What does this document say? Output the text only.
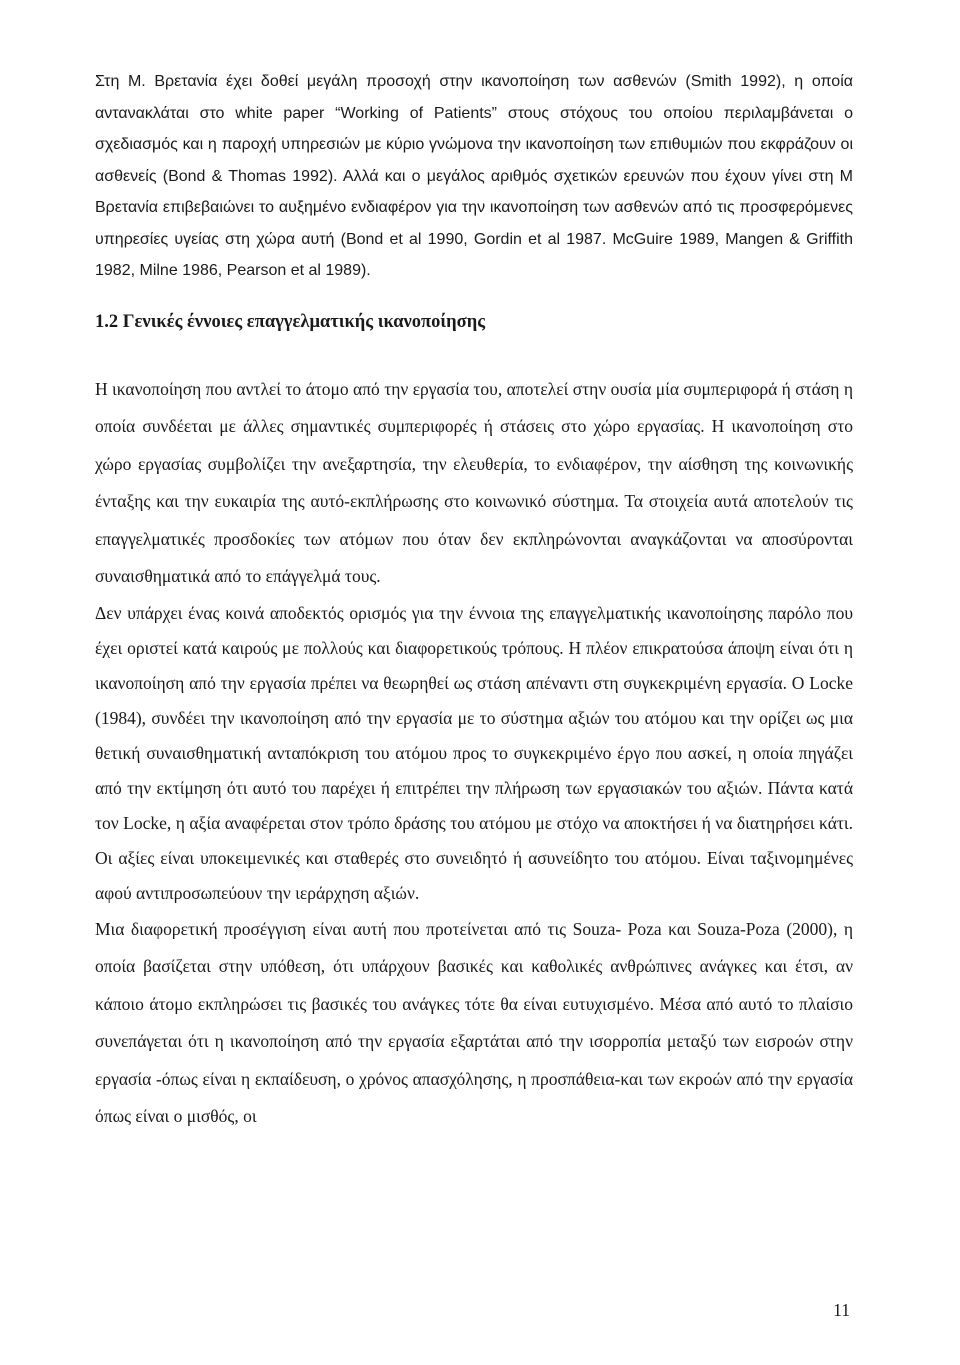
Στη Μ. Βρετανία έχει δοθεί μεγάλη προσοχή στην ικανοποίηση των ασθενών (Smith 1992), η οποία αντανακλάται στο white paper “Working of Patients” στους στόχους του οποίου περιλαμβάνεται ο σχεδιασμός και η παροχή υπηρεσιών με κύριο γνώμονα την ικανοποίηση των επιθυμιών που εκφράζουν οι ασθενείς (Bond & Thomas 1992). Αλλά και ο μεγάλος αριθμός σχετικών ερευνών που έχουν γίνει στη Μ Βρετανία επιβεβαιώνει το αυξημένο ενδιαφέρον για την ικανοποίηση των ασθενών από τις προσφερόμενες υπηρεσίες υγείας στη χώρα αυτή (Bond et al 1990, Gordin et al 1987. McGuire 1989, Mangen & Griffith 1982, Milne 1986, Pearson et al 1989).

1.2 Γενικές έννοιες επαγγελματικής ικανοποίησης

Η ικανοποίηση που αντλεί το άτομο από την εργασία του, αποτελεί στην ουσία μία συμπεριφορά ή στάση η οποία συνδέεται με άλλες σημαντικές συμπεριφορές ή στάσεις στο χώρο εργασίας. Η ικανοποίηση στο χώρο εργασίας συμβολίζει την ανεξαρτησία, την ελευθερία, το ενδιαφέρον, την αίσθηση της κοινωνικής ένταξης και την ευκαιρία της αυτό-εκπλήρωσης στο κοινωνικό σύστημα. Τα στοιχεία αυτά αποτελούν τις επαγγελματικές προσδοκίες των ατόμων που όταν δεν εκπληρώνονται αναγκάζονται να αποσύρονται συναισθηματικά από το επάγγελμά τους.

Δεν υπάρχει ένας κοινά αποδεκτός ορισμός για την έννοια της επαγγελματικής ικανοποίησης παρόλο που έχει οριστεί κατά καιρούς με πολλούς και διαφορετικούς τρόπους. Η πλέον επικρατούσα άποψη είναι ότι η ικανοποίηση από την εργασία πρέπει να θεωρηθεί ως στάση απέναντι στη συγκεκριμένη εργασία. Ο Locke (1984), συνδέει την ικανοποίηση από την εργασία με το σύστημα αξιών του ατόμου και την ορίζει ως μια θετική συναισθηματική ανταπόκριση του ατόμου προς το συγκεκριμένο έργο που ασκεί, η οποία πηγάζει από την εκτίμηση ότι αυτό του παρέχει ή επιτρέπει την πλήρωση των εργασιακών του αξιών. Πάντα κατά τον Locke, η αξία αναφέρεται στον τρόπο δράσης του ατόμου με στόχο να αποκτήσει ή να διατηρήσει κάτι. Οι αξίες είναι υποκειμενικές και σταθερές στο συνειδητό ή ασυνείδητο του ατόμου. Είναι ταξινομημένες αφού αντιπροσωπεύουν την ιεράρχηση αξιών.

Μια διαφορετική προσέγγιση είναι αυτή που προτείνεται από τις Souza- Poza και Souza-Poza (2000), η οποία βασίζεται στην υπόθεση, ότι υπάρχουν βασικές και καθολικές ανθρώπινες ανάγκες και έτσι, αν κάποιο άτομο εκπληρώσει τις βασικές του ανάγκες τότε θα είναι ευτυχισμένο. Μέσα από αυτό το πλαίσιο συνεπάγεται ότι η ικανοποίηση από την εργασία εξαρτάται από την ισορροπία μεταξύ των εισροών στην εργασία -όπως είναι η εκπαίδευση, ο χρόνος απασχόλησης, η προσπάθεια-και των εκροών από την εργασία όπως είναι ο μισθός, οι

11
